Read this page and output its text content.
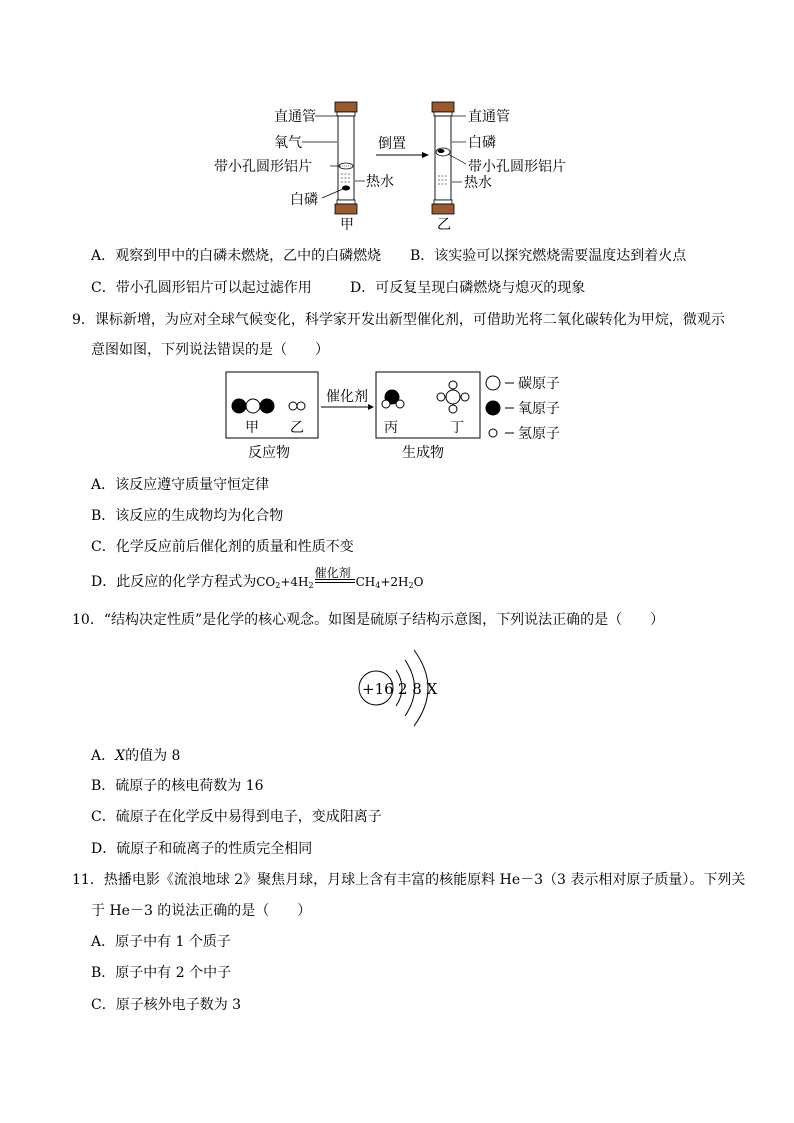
直通管
氧气
带小孔圆形铝片
热水
白磷
甲
倒置
直通管
白磷
带小孔圆形铝片
热水
乙
A．观察到甲中的白磷未燃烧，乙中的白磷燃烧 B．该实验可以探究燃烧需要温度达到着火点
C．带小孔圆形铝片可以起过滤作用	D．可反复呈现白磷燃烧与熄灭的现象
9．课标新增，为应对全球气候变化，科学家开发出新型催化剂，可借助光将二氧化碳转化为甲烷，微观示
意图如图，下列说法错误的是（　　）
甲 乙
反应物
催化剂
丙	丁
生成物
碳原子
氧原子
氢原子
A．该反应遵守质量守恒定律
B．该反应的生成物均为化合物
C．化学反应前后催化剂的质量和性质不变
D．此反应的化学方程式为$CO_2+4H_2$
催化剂
$CH_4+2H_2O$
10．“结构决定性质”是化学的核心观念。如图是硫原子结构示意图，下列说法正确的是（　　）
+16 2 8 X
A．X的值为 8
B．硫原子的核电荷数为 16
C．硫原子在化学反中易得到电子，变成阳离子
D．硫原子和硫离子的性质完全相同
11．热播电影《流浪地球 2》聚焦月球，月球上含有丰富的核能原料 He－3（3 表示相对原子质量）。下列关
于 He－3 的说法正确的是（　　）
A．原子中有 1 个质子
B．原子中有 2 个中子
C．原子核外电子数为 3
